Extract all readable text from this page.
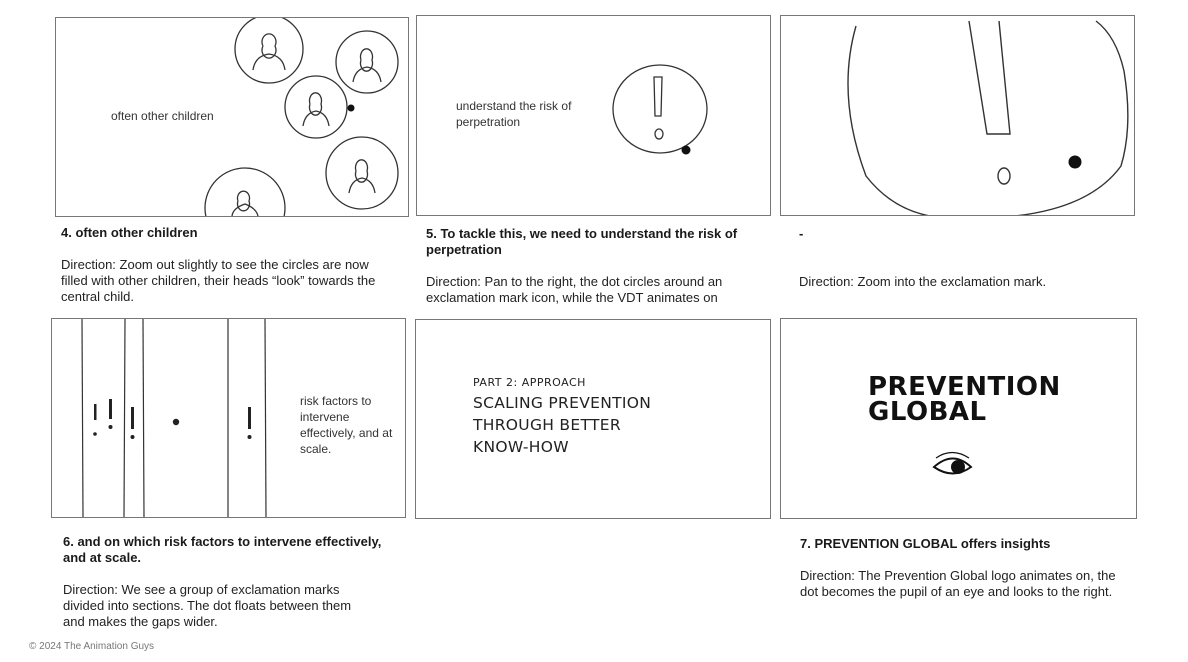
often other children
4. often other children
Direction: Zoom out slightly to see the circles are now filled with other children, their heads “look” towards the central child.
understand the risk of perpetration
5. To tackle this, we need to understand the risk of perpetration
Direction: Pan to the right, the dot circles around an exclamation mark icon, while the VDT animates on
-
Direction: Zoom into the exclamation mark.
risk factors to intervene effectively, and at scale.
6. and on which risk factors to intervene effectively, and at scale.
Direction: We see a group of exclamation marks divided into sections. The dot floats between them and makes the gaps wider.
PART 2: APPROACH
SCALING PREVENTION
THROUGH BETTER
KNOW-HOW
PREVENTION
GLOBAL
7. PREVENTION GLOBAL offers insights
Direction: The Prevention Global logo animates on, the dot becomes the pupil of an eye and looks to the right.
© 2024 The Animation Guys
